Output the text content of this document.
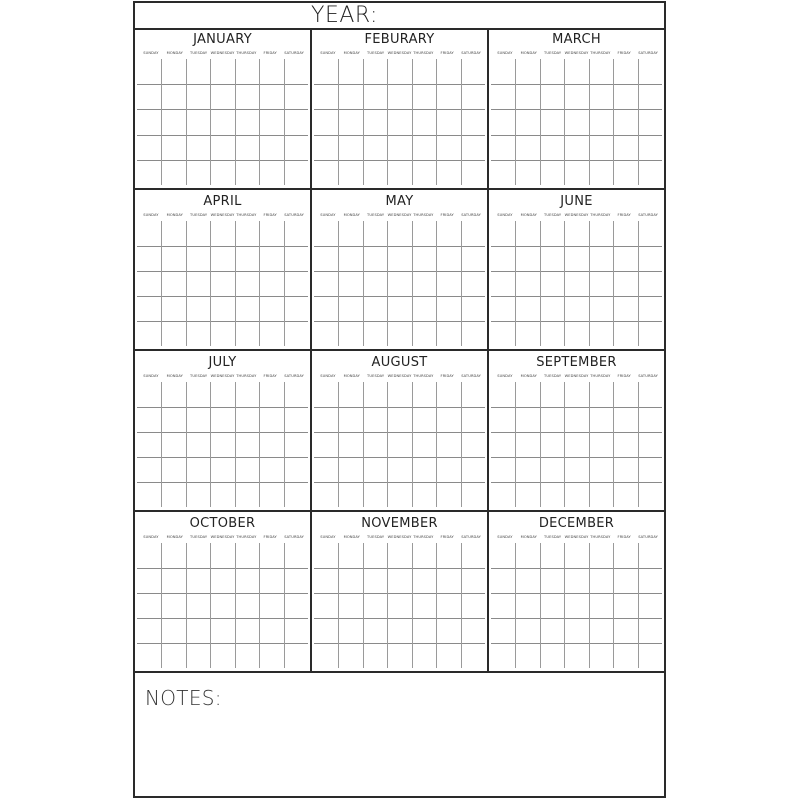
YEAR:
JANUARY
SUNDAY	MONDAY	TUESDAY WEDNESDAY THURSDAY	FRIDAY	SATURDAY
FEBURARY
SUNDAY	MONDAY	TUESDAY WEDNESDAY THURSDAY	FRIDAY	SATURDAY
MARCH
SUNDAY	MONDAY	TUESDAY WEDNESDAY THURSDAY	FRIDAY	SATURDAY
APRIL
SUNDAY	MONDAY	TUESDAY WEDNESDAY THURSDAY	FRIDAY	SATURDAY
MAY
SUNDAY	MONDAY	TUESDAY WEDNESDAY THURSDAY	FRIDAY	SATURDAY
JUNE
SUNDAY	MONDAY	TUESDAY WEDNESDAY THURSDAY	FRIDAY	SATURDAY
JULY
SUNDAY	MONDAY	TUESDAY WEDNESDAY THURSDAY	FRIDAY	SATURDAY
AUGUST
SUNDAY	MONDAY	TUESDAY WEDNESDAY THURSDAY	FRIDAY	SATURDAY
SEPTEMBER
SUNDAY	MONDAY	TUESDAY WEDNESDAY THURSDAY	FRIDAY	SATURDAY
OCTOBER
SUNDAY	MONDAY	TUESDAY WEDNESDAY THURSDAY	FRIDAY	SATURDAY
NOVEMBER
SUNDAY	MONDAY	TUESDAY WEDNESDAY THURSDAY	FRIDAY	SATURDAY
DECEMBER
SUNDAY	MONDAY	TUESDAY WEDNESDAY THURSDAY	FRIDAY	SATURDAY
NOTES:
